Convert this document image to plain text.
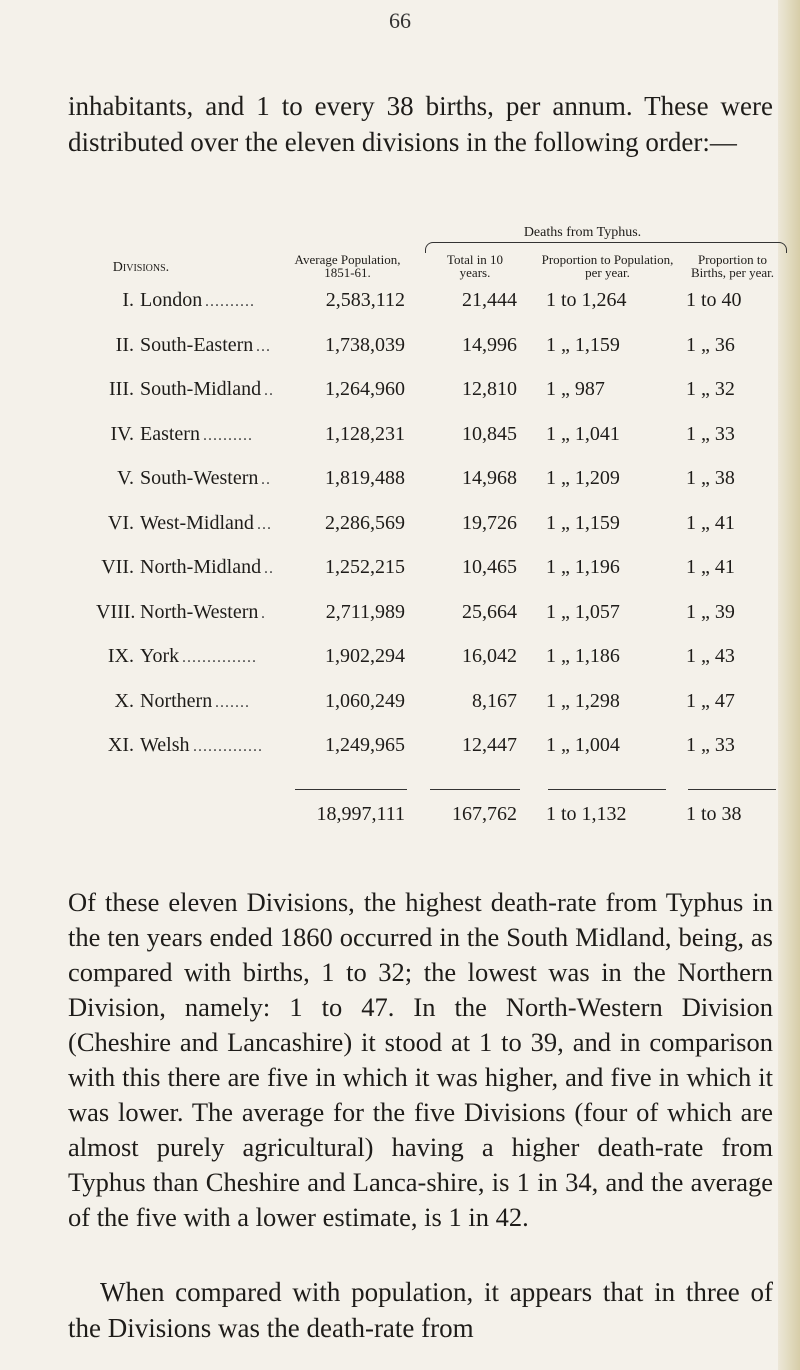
66

inhabitants, and 1 to every 38 births, per annum. These were distributed over the eleven divisions in the following order:—

Deaths from Typhus.
Divisions.
Average Population, 1851-61.
Total in 10 years.
Proportion to Population, per year.
Proportion to Births, per year.
I. London	2,583,112	21,444 1 to 1,264	1 to 40
..........
II. South-Eastern	1,738,039	14,996 1 „ 1,159	1 „ 36
...
III. South-Midland	1,264,960	12,810 1 „ 987	1 „ 32
..
IV. Eastern	1,128,231	10,845 1 „ 1,041	1 „ 33
..........
V. South-Western	1,819,488	14,968 1 „ 1,209	1 „ 38
..
VI. West-Midland	2,286,569	19,726 1 „ 1,159	1 „ 41
...
VII. North-Midland	1,252,215	10,465 1 „ 1,196	1 „ 41
..
VIII. North-Western	2,711,989	25,664 1 „ 1,057	1 „ 39
.
IX. York	1,902,294	16,042 1 „ 1,186	1 „ 43
...............
X. Northern	1,060,249	8,167 1 „ 1,298	1 „ 47
.......
XI. Welsh	1,249,965	12,447 1 „ 1,004	1 „ 33
..............
18,997,111	167,762 1 to 1,132	1 to 38

Of these eleven Divisions, the highest death-rate from Typhus in the ten years ended 1860 occurred in the South Midland, being, as compared with births, 1 to 32; the lowest was in the Northern Division, namely: 1 to 47. In the North-Western Division (Cheshire and Lancashire) it stood at 1 to 39, and in comparison with this there are five in which it was higher, and five in which it was lower. The average for the five Divisions (four of which are almost purely agricultural) having a higher death-rate from Typhus than Cheshire and Lanca-shire, is 1 in 34, and the average of the five with a lower estimate, is 1 in 42.

When compared with population, it appears that in three of the Divisions was the death-rate from
